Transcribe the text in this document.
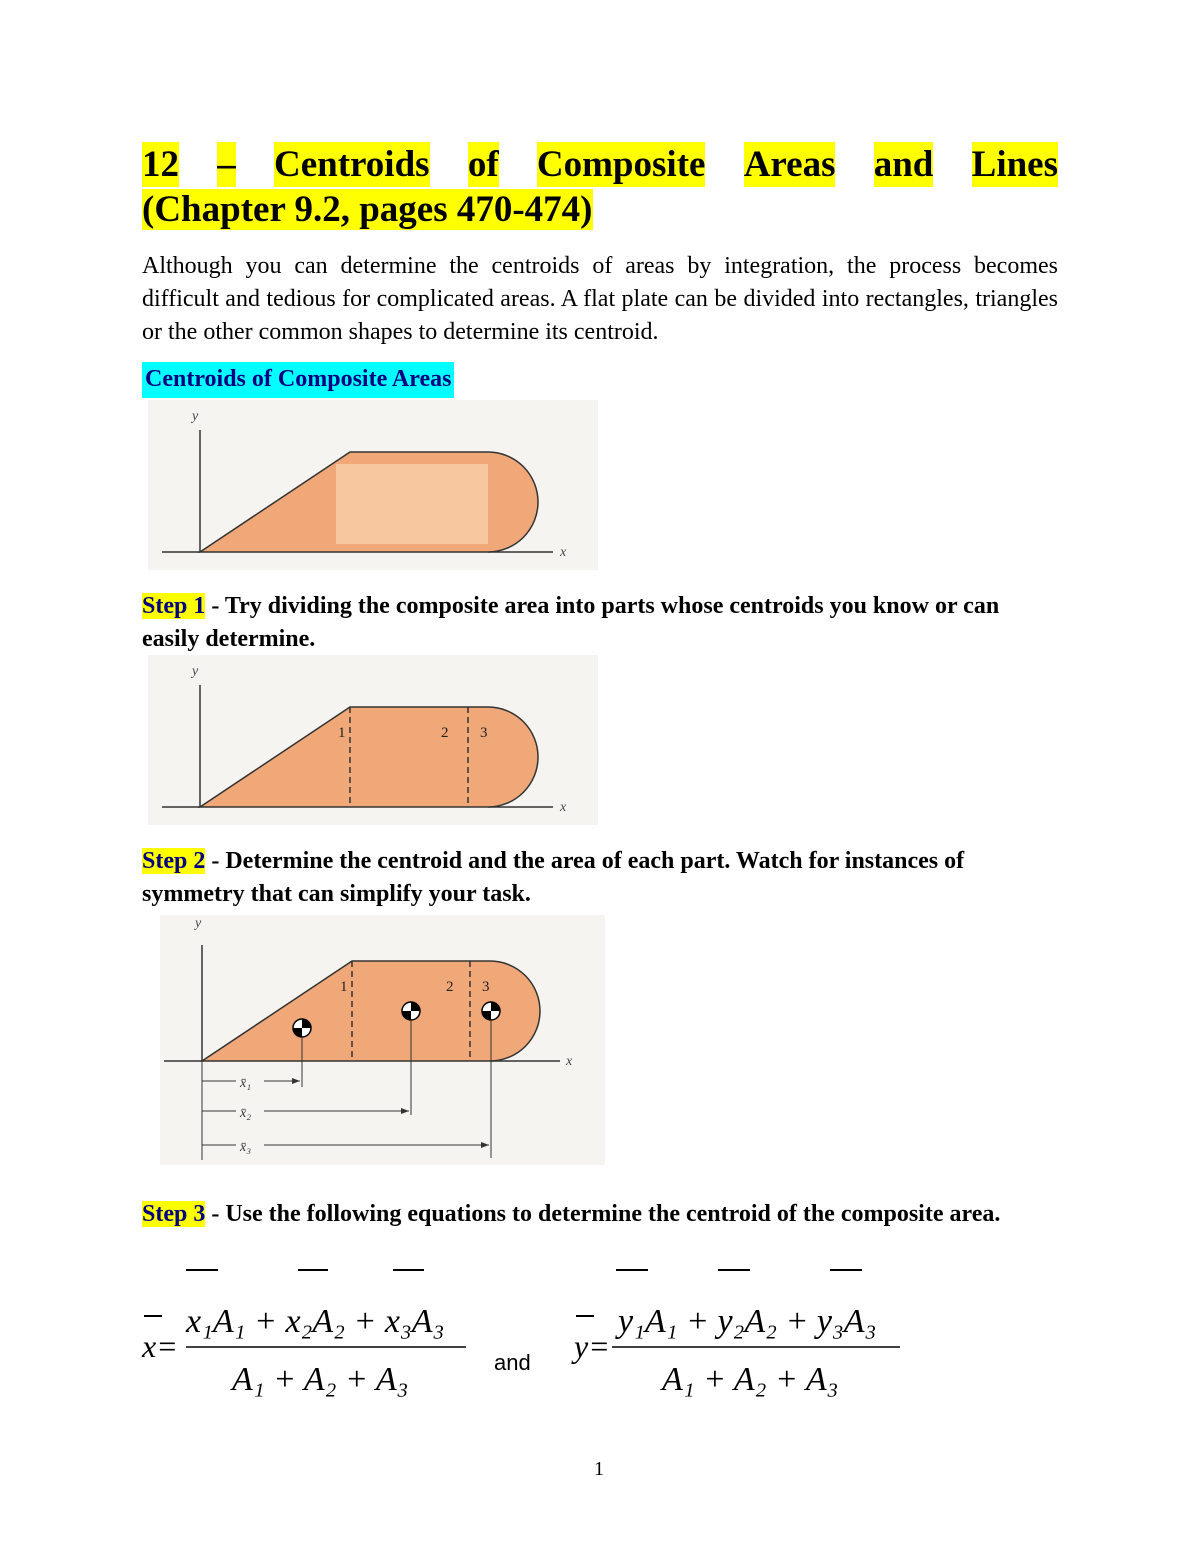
12 – Centroids of Composite Areas and Lines
(Chapter 9.2, pages 470-474)
Although you can determine the centroids of areas by integration, the process becomes difficult and tedious for complicated areas. A flat plate can be divided into rectangles, triangles or the other common shapes to determine its centroid.
Centroids of Composite Areas
y
x
Step 1 - Try dividing the composite area into parts whose centroids you know or can easily determine.
y
x
1	2 3
Step 2 - Determine the centroid and the area of each part. Watch for instances of symmetry that can simplify your task.
y
x
1	2 3
x̄₁
x̄₂
x̄₃
Step 3 - Use the following equations to determine the centroid of the composite area.
x₁A₁ + x₂A₂ + x₃A₃
x=
A₁ + A₂ + A₃	and
y₁A₁ + y₂A₂ + y₃A₃
y=
A₁ + A₂ + A₃
1
